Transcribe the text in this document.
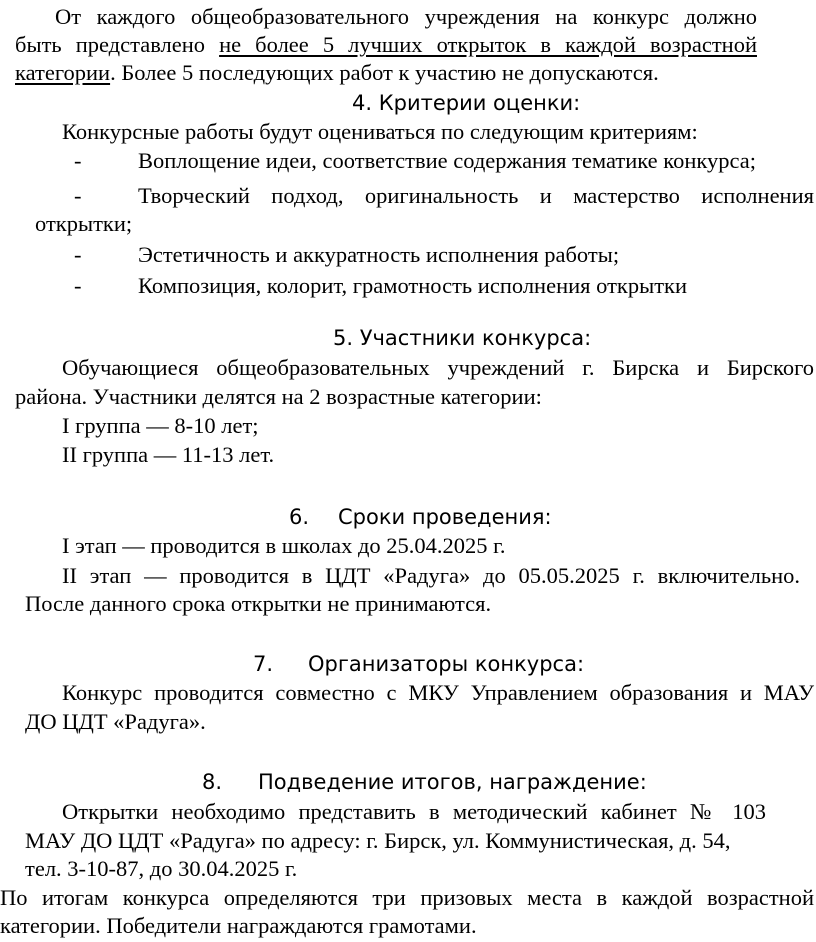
От каждого общеобразовательного учреждения на конкурс должно
быть представлено не более 5 лучших открыток в каждой возрастной
категории. Более 5 последующих работ к участию не допускаются.
4. Критерии оценки:
Конкурсные работы будут оцениваться по следующим критериям:
-	Воплощение идеи, соответствие содержания тематике конкурса;
-	Творческий подход, оригинальность и мастерство исполнения
открытки;
-	Эстетичность и аккуратность исполнения работы;
-	Композиция, колорит, грамотность исполнения открытки
5. Участники конкурса:
Обучающиеся общеобразовательных учреждений г. Бирска и Бирского
района. Участники делятся на 2 возрастные категории:
I группа — 8-10 лет;
II группа — 11-13 лет.
6. Сроки проведения:
I этап — проводится в школах до 25.04.2025 г.
II этап — проводится в ЦДТ «Радуга» до 05.05.2025 г. включительно.
После данного срока открытки не принимаются.
7. Организаторы конкурса:
Конкурс проводится совместно с МКУ Управлением образования и МАУ
ДО ЦДТ «Радуга».
8. Подведение итогов, награждение:
Открытки необходимо представить в методический кабинет № 103
МАУ ДО ЦДТ «Радуга» по адресу: г. Бирск, ул. Коммунистическая, д. 54,
тел. 3-10-87, до 30.04.2025 г.
По итогам конкурса определяются три призовых места в каждой возрастной
категории. Победители награждаются грамотами.
